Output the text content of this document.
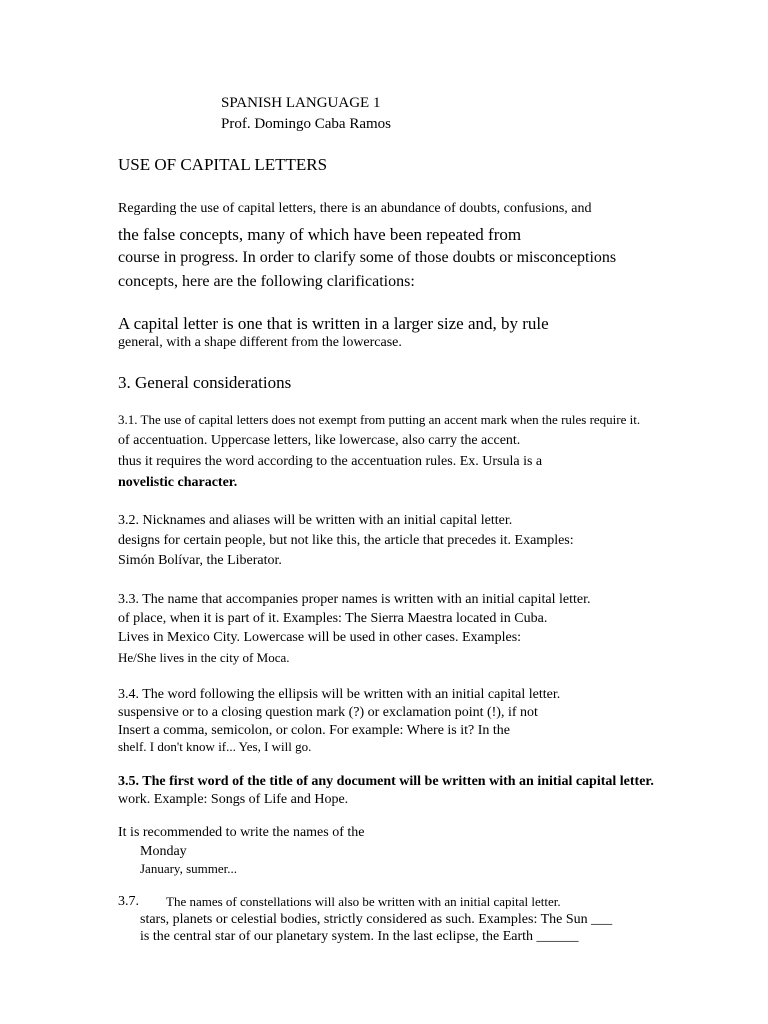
SPANISH LANGUAGE 1
Prof. Domingo Caba Ramos
USE OF CAPITAL LETTERS
Regarding the use of capital letters, there is an abundance of doubts, confusions, and
the false concepts, many of which have been repeated from
course in progress. In order to clarify some of those doubts or misconceptions
concepts, here are the following clarifications:
A capital letter is one that is written in a larger size and, by rule
general, with a shape different from the lowercase.
3. General considerations
3.1. The use of capital letters does not exempt from putting an accent mark when the rules require it.
of accentuation. Uppercase letters, like lowercase, also carry the accent.
thus it requires the word according to the accentuation rules. Ex. Ursula is a
novelistic character.
3.2. Nicknames and aliases will be written with an initial capital letter.
designs for certain people, but not like this, the article that precedes it. Examples:
Simón Bolívar, the Liberator.
3.3. The name that accompanies proper names is written with an initial capital letter.
of place, when it is part of it. Examples: The Sierra Maestra located in Cuba.
Lives in Mexico City. Lowercase will be used in other cases. Examples:
He/She lives in the city of Moca.
3.4. The word following the ellipsis will be written with an initial capital letter.
suspensive or to a closing question mark (?) or exclamation point (!), if not
Insert a comma, semicolon, or colon. For example: Where is it? In the
shelf. I don't know if... Yes, I will go.
3.5. The first word of the title of any document will be written with an initial capital letter.
work. Example: Songs of Life and Hope.
It is recommended to write the names of the
Monday
January, summer...
3.7. The names of constellations will also be written with an initial capital letter.
stars, planets or celestial bodies, strictly considered as such. Examples: The Sun ___
is the central star of our planetary system. In the last eclipse, the Earth ______
